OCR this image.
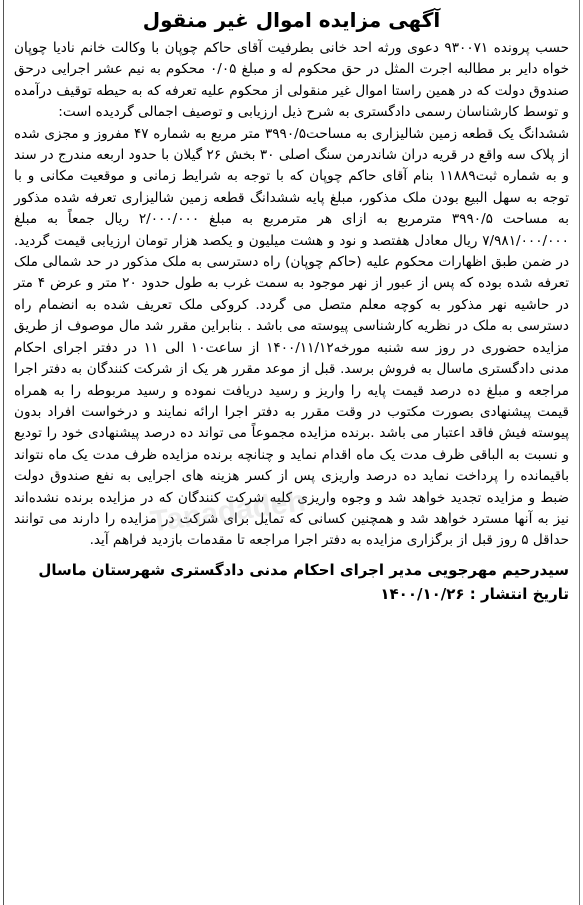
Tanadadeh
آگهی مزایده اموال غیر منقول

حسب پرونده ۹۳۰۰۷۱ دعوی ورثه احد خانی بطرفیت آقای حاکم چوپان با وکالت خانم نادیا چوپان خواه دایر بر مطالبه اجرت المثل در حق محکوم له و مبلغ ۰/۰۵ محکوم به نیم عشر اجرایی درحق صندوق دولت که در همین راستا اموال غیر منقولی از محکوم علیه تعرفه که به حیطه توقیف درآمده و توسط کارشناسان رسمی دادگستری به شرح ذیل ارزیابی و توصیف اجمالی گردیده است:

ششدانگ یک قطعه زمین شالیزاری به مساحت۳۹۹۰/۵ متر مربع به شماره ۴۷ مفروز و مجزی شده از پلاک سه واقع در قریه دران شاندرمن سنگ اصلی ۳۰ بخش ۲۶ گیلان با حدود اربعه مندرج در سند و به شماره ثبت۱۱۸۸۹ بنام آقای حاکم چوپان که با توجه به شرایط زمانی و موقعیت مکانی و با توجه به سهل البیع بودن ملک مذکور، مبلغ پایه ششدانگ قطعه زمین شالیزاری تعرفه شده مذکور به مساحت ۳۹۹۰/۵ مترمربع به ازای هر مترمربع به مبلغ ۲/۰۰۰/۰۰۰ ریال جمعاً به مبلغ ۷/۹۸۱/۰۰۰/۰۰۰ ریال معادل هفتصد و نود و هشت میلیون و یکصد هزار تومان ارزیابی قیمت گردید. در ضمن طبق اظهارات محکوم علیه (حاکم چوپان) راه دسترسی به ملک مذکور در حد شمالی ملک تعرفه شده بوده که پس از عبور از نهر موجود به سمت غرب به طول حدود ۲۰ متر و عرض ۴ متر در حاشیه نهر مذکور به کوچه معلم متصل می گردد. کروکی ملک تعریف شده به انضمام راه دسترسی به ملک در نظریه کارشناسی پیوسته می باشد . بنابراین مقرر شد مال موصوف از طریق مزایده حضوری در روز سه شنبه مورخه۱۴۰۰/۱۱/۱۲ از ساعت۱۰ الی ۱۱ در دفتر اجرای احکام مدنی دادگستری ماسال به فروش برسد. قبل از موعد مقرر هر یک از شرکت کنندگان به دفتر اجرا مراجعه و مبلغ ده درصد قیمت پایه را واریز و رسید دریافت نموده و رسید مربوطه را به همراه قیمت پیشنهادی بصورت مکتوب در وقت مقرر به دفتر اجرا ارائه نمایند و درخواست افراد بدون پیوسته فیش فاقد اعتبار می باشد .برنده مزایده مجموعاً می تواند ده درصد پیشنهادی خود را تودیع و نسبت به الباقی ظرف مدت یک ماه اقدام نماید و چنانچه برنده مزایده ظرف مدت یک ماه نتواند باقیمانده را پرداخت نماید ده درصد واریزی پس از کسر هزینه های اجرایی به نفع صندوق دولت ضبط و مزایده تجدید خواهد شد و وجوه واریزی کلیه شرکت کنندگان که در مزایده برنده نشده‌اند نیز به آنها مسترد خواهد شد و همچنین کسانی که تمایل برای شرکت در مزایده را دارند می توانند حداقل ۵ روز قبل از برگزاری مزایده به دفتر اجرا مراجعه تا مقدمات بازدید فراهم آید.

سیدرحیم مهرجویی مدیر اجرای احکام مدنی دادگستری شهرستان ماسال

تاریخ انتشار : ۱۴۰۰/۱۰/۲۶
